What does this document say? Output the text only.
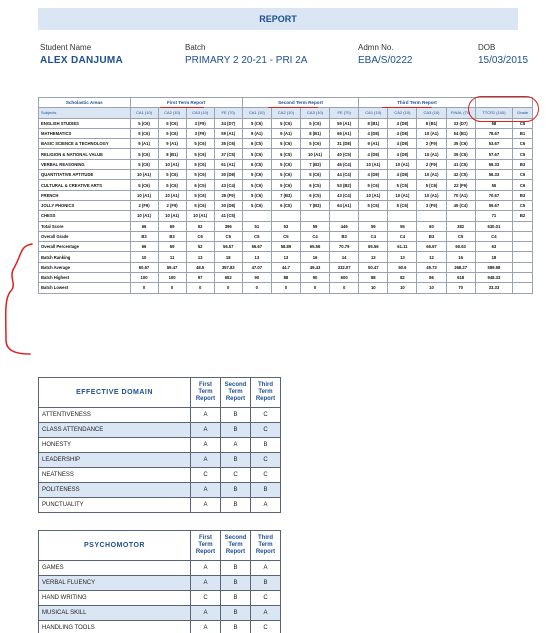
REPORT
Student Name
ALEX DANJUMA
Batch
PRIMARY 2 20-21 - PRI 2A
Admn No.
EBA/S/0222
DOB
15/03/2015
Scholastic Areas	First Term Report				Second Term Report				Third Term Report					
Subjects	CA1 (10)	CA2 (10)	CA3 (10)	FE (70)	CA1 (10)	CA2 (10)	CA3 (10)	FE (70)	CA1 (10)	CA2 (10)	CA3 (10)	FINAL (70)	TTCR2 (100)	Grade
ENGLISH STUDIES	5 (C6)	5 (C6)	3 (F9)	34 (D7)	5 (C6)	5 (C6)	5 (C6)	59 (A1)	8 (B1)	4 (D8)	8 (B1)	33 (D7)	58	C5
MATHEMATICS	5 (C6)	5 (C6)	3 (F9)	59 (A1)	9 (A1)	9 (A1)	8 (B1)	66 (A1)	4 (D8)	4 (D8)	10 (A1)	54 (B1)	78.67	B1
BASIC SCIENCE & TECHNOLOGY	9 (A1)	9 (A1)	5 (C6)	35 (C6)	6 (C5)	5 (C6)	5 (C6)	31 (D8)	9 (A1)	4 (D8)	2 (F9)	35 (C6)	53.67	C6
RELIGION & NATIONAL VALUE	5 (C6)	8 (B1)	5 (C6)	37 (C5)	5 (C6)	6 (C5)	10 (A1)	40 (C5)	4 (D8)	4 (D8)	10 (A1)	39 (C6)	57.67	C5
VERBAL REASONING	5 (C6)	10 (A1)	5 (C6)	61 (A1)	6 (C5)	5 (C6)	7 (B3)	46 (C4)	10 (A1)	10 (A1)	2 (F9)	41 (C5)	69.33	B3
QUANTITATIVE APTITUDE	10 (A1)	5 (C6)	5 (C6)	30 (D8)	5 (C6)	5 (C6)	5 (C6)	44 (C4)	4 (D8)	4 (D8)	10 (A1)	42 (C5)	56.33	C5
CULTURAL & CREATIVE ARTS	5 (C6)	5 (C6)	6 (C5)	43 (C4)	5 (C6)	5 (C6)	6 (C5)	53 (B2)	5 (C6)	5 (C6)	5 (C6)	22 (F9)	55	C6
FRENCH	10 (A1)	10 (A1)	5 (C6)	26 (F9)	5 (C6)	7 (B3)	6 (C5)	43 (C4)	10 (A1)	10 (A1)	10 (A1)	70 (A1)	70.67	B3
JOLLY PHONICS	2 (F9)	2 (F9)	5 (C6)	30 (D8)	5 (C6)	6 (C5)	7 (B3)	64 (A1)	5 (C6)	5 (C6)	3 (F9)	45 (C4)	59.67	C5
CHESS	10 (A1)	10 (A1)	10 (A1)	41 (C5)									71	B2
Total Score	66	69	52	396	51	53	59	446	59	55	60	382	630.01	
Overall Grade	B3	B3	C6	C5	C5	C5	C4	B3	C4	C4	B3	C5	C4	
Overall Percentage	66	69	52	56.57	56.67	58.89	65.56	70.79	65.56	61.11	66.67	60.63	63	
Batch Ranking	10	11	13	18	13	13	16	14	13	13	12	16	18	
Batch Average	60.67	59.47	48.5	357.83	47.07	44.7	49.43	332.07	50.47	50.6	49.73	368.27	589.98	
Batch Highest	100	100	97	652	90	88	90	600	88	82	86	618	948.33	
Batch Lowest	0	0	0	0	0	0	0	0	10	10	10	70	33.33	
EFFECTIVE DOMAIN	First Term Report	Second Term Report	Third Term Report
ATTENTIVENESS	A	B	C
CLASS ATTENDANCE	A	B	C
HONESTY	A	A	B
LEADERSHIP	A	B	C
NEATNESS	C	C	C
POLITENESS	A	B	B
PUNCTUALITY	A	B	A
PSYCHOMOTOR	First Term Report	Second Term Report	Third Term Report
GAMES	A	B	A
VERBAL FLUENCY	A	B	B
HAND WRITING	C	B	C
MUSICAL SKILL	A	B	A
HANDLING TOOLS	A	B	C
